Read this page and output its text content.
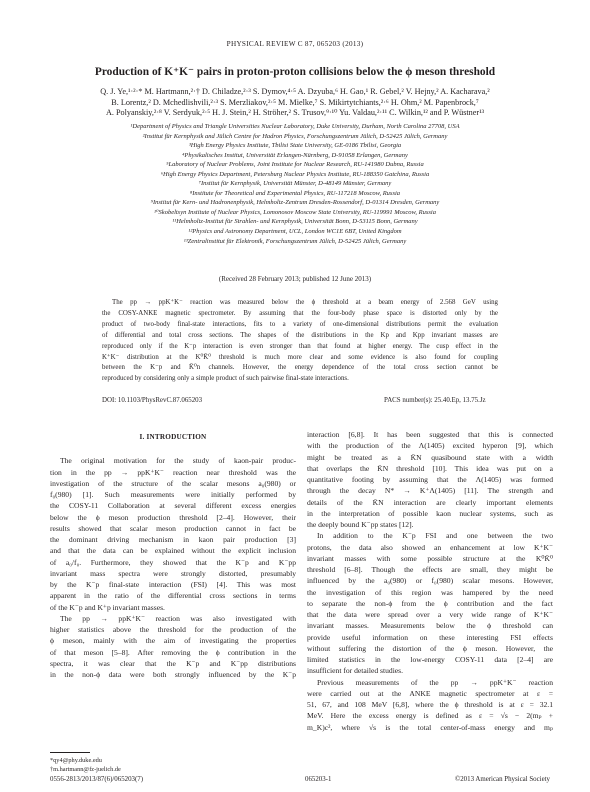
PHYSICAL REVIEW C 87, 065203 (2013)
Production of K⁺K⁻ pairs in proton-proton collisions below the ϕ meson threshold
Q. J. Ye,¹·²·* M. Hartmann,²·† D. Chiladze,²·³ S. Dymov,⁴·⁵ A. Dzyuba,⁶ H. Gao,¹ R. Gebel,² V. Hejny,² A. Kacharava,²
B. Lorentz,² D. Mchedlishvili,²·³ S. Merzliakov,²·⁵ M. Mielke,⁷ S. Mikirtytchiants,²·⁶ H. Ohm,² M. Papenbrock,⁷
A. Polyanskiy,²·⁸ V. Serdyuk,²·⁵ H. J. Stein,² H. Ströher,² S. Trusov,⁹·¹⁰ Yu. Valdau,²·¹¹ C. Wilkin,¹² and P. Wüstner¹³
¹Department of Physics and Triangle Universities Nuclear Laboratory, Duke University, Durham, North Carolina 27708, USA
²Institut für Kernphysik and Jülich Centre for Hadron Physics, Forschungszentrum Jülich, D-52425 Jülich, Germany
³High Energy Physics Institute, Tbilisi State University, GE-0186 Tbilisi, Georgia
⁴Physikalisches Institut, Universität Erlangen-Nürnberg, D-91058 Erlangen, Germany
⁵Laboratory of Nuclear Problems, Joint Institute for Nuclear Research, RU-141980 Dubna, Russia
⁶High Energy Physics Department, Petersburg Nuclear Physics Institute, RU-188350 Gatchina, Russia
⁷Institut für Kernphysik, Universität Münster, D-48149 Münster, Germany
⁸Institute for Theoretical and Experimental Physics, RU-117218 Moscow, Russia
⁹Institut für Kern- und Hadronenphysik, Helmholtz-Zentrum Dresden-Rossendorf, D-01314 Dresden, Germany
¹⁰Skobeltsyn Institute of Nuclear Physics, Lomonosov Moscow State University, RU-119991 Moscow, Russia
¹¹Helmholtz-Institut für Strahlen- und Kernphysik, Universität Bonn, D-53115 Bonn, Germany
¹²Physics and Astronomy Department, UCL, London WC1E 6BT, United Kingdom
¹³Zentralinstitut für Elektronik, Forschungszentrum Jülich, D-52425 Jülich, Germany
(Received 28 February 2013; published 12 June 2013)
The pp → ppK⁺K⁻ reaction was measured below the ϕ threshold at a beam energy of 2.568 GeV using
the COSY-ANKE magnetic spectrometer. By assuming that the four-body phase space is distorted only by the
product of two-body final-state interactions, fits to a variety of one-dimensional distributions permit the evaluation
of differential and total cross sections. The shapes of the distributions in the Kp and Kpp invariant masses are
reproduced only if the K⁻p interaction is even stronger than that found at higher energy. The cusp effect in the
K⁺K⁻ distribution at the K⁰K̄⁰ threshold is much more clear and some evidence is also found for coupling
between the K⁻p and K̄⁰n channels. However, the energy dependence of the total cross section cannot be
reproduced by considering only a simple product of such pairwise final-state interactions.
DOI: 10.1103/PhysRevC.87.065203	PACS number(s): 25.40.Ep, 13.75.Jz
I. INTRODUCTION
The original motivation for the study of kaon-pair produc-
tion in the pp → ppK⁺K⁻ reaction near threshold was the
investigation of the structure of the scalar mesons a₀(980) or
f₀(980) [1]. Such measurements were initially performed by
the COSY-11 Collaboration at several different excess energies
below the ϕ meson production threshold [2–4]. However, their
results showed that scalar meson production cannot in fact be
the dominant driving mechanism in kaon pair production [3]
and that the data can be explained without the explicit inclusion
of a₀/f₀. Furthermore, they showed that the K⁻p and K⁻pp
invariant mass spectra were strongly distorted, presumably
by the K⁻p final-state interaction (FSI) [4]. This was most
apparent in the ratio of the differential cross sections in terms
of the K⁻p and K⁺p invariant masses.
The pp → ppK⁺K⁻ reaction was also investigated with
higher statistics above the threshold for the production of the
ϕ meson, mainly with the aim of investigating the properties
of that meson [5–8]. After removing the ϕ contribution in the
spectra, it was clear that the K⁻p and K⁻pp distributions
in the non-ϕ data were both strongly influenced by the K⁻p
interaction [6,8]. It has been suggested that this is connected
with the production of the Λ(1405) excited hyperon [9], which
might be treated as a K̄N quasibound state with a width
that overlaps the K̄N threshold [10]. This idea was put on a
quantitative footing by assuming that the Λ(1405) was formed
through the decay N* → K⁺Λ(1405) [11]. The strength and
details of the K̄N interaction are clearly important elements
in the interpretation of possible kaon nuclear systems, such as
the deeply bound K⁻pp states [12].
In addition to the K⁻p FSI and one between the two
protons, the data also showed an enhancement at low K⁺K⁻
invariant masses with some possible structure at the K⁰K̄⁰
threshold [6–8]. Though the effects are small, they might be
influenced by the a₀(980) or f₀(980) scalar mesons. However,
the investigation of this region was hampered by the need
to separate the non-ϕ from the ϕ contribution and the fact
that the data were spread over a very wide range of K⁺K⁻
invariant masses. Measurements below the ϕ threshold can
provide useful information on these interesting FSI effects
without suffering the distortion of the ϕ meson. However, the
limited statistics in the low-energy COSY-11 data [2–4] are
insufficient for detailed studies.
Previous measurements of the pp → ppK⁺K⁻ reaction
were carried out at the ANKE magnetic spectrometer at ε =
51, 67, and 108 MeV [6,8], where the ϕ threshold is at ε = 32.1
MeV. Here the excess energy is defined as ε = √s − 2(mₚ +
m_K)c², where √s is the total center-of-mass energy and mₚ
*qy4@phy.duke.edu
†m.hartmann@fz-juelich.de
0556-2813/2013/87(6)/065203(7)	065203-1	©2013 American Physical Society
